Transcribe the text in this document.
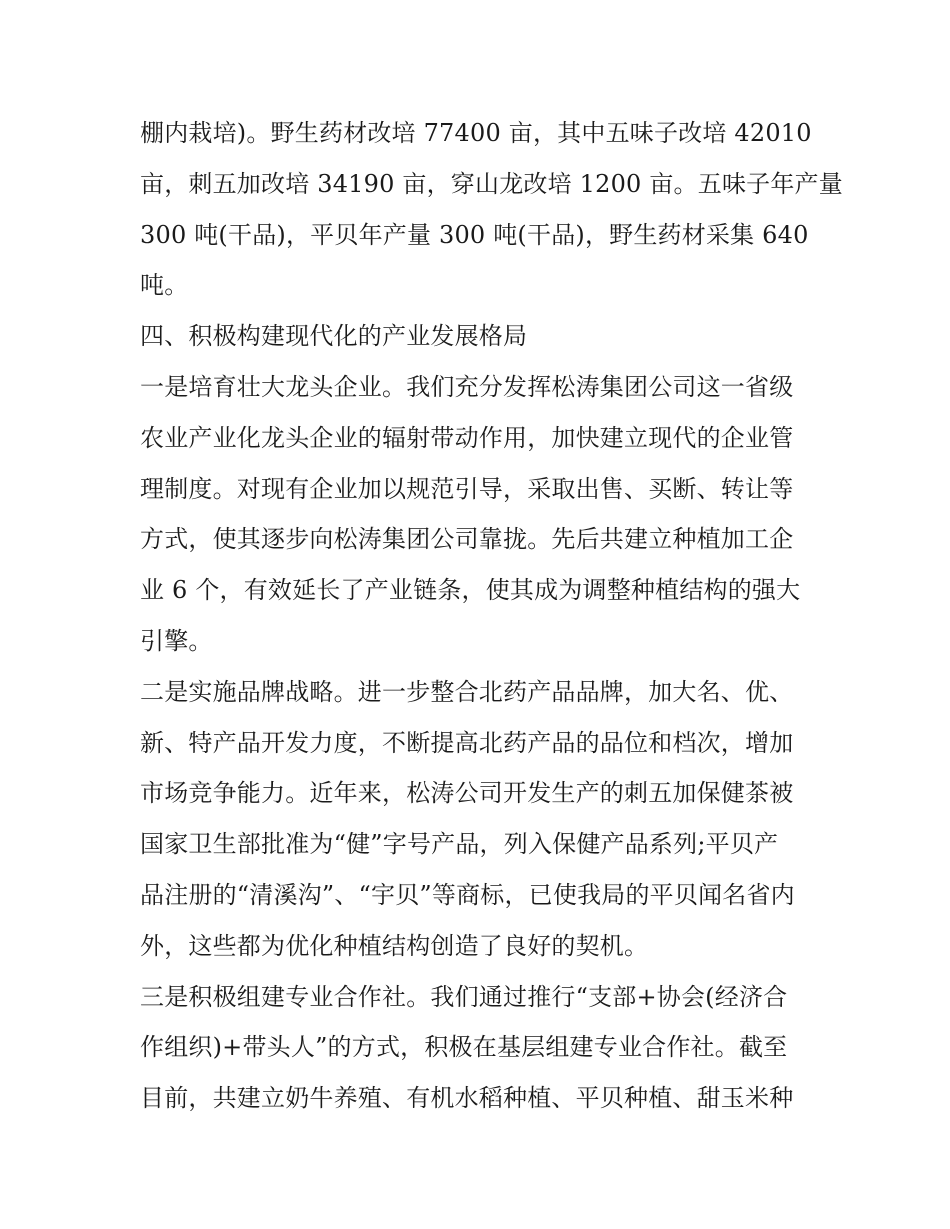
棚内栽培)。野生药材改培 77400 亩，其中五味子改培 42010
亩，刺五加改培 34190 亩，穿山龙改培 1200 亩。五味子年产量
300 吨(干品)，平贝年产量 300 吨(干品)，野生药材采集 640
吨。
四、积极构建现代化的产业发展格局
一是培育壮大龙头企业。我们充分发挥松涛集团公司这一省级
农业产业化龙头企业的辐射带动作用，加快建立现代的企业管
理制度。对现有企业加以规范引导，采取出售、买断、转让等
方式，使其逐步向松涛集团公司靠拢。先后共建立种植加工企
业 6 个，有效延长了产业链条，使其成为调整种植结构的强大
引擎。
二是实施品牌战略。进一步整合北药产品品牌，加大名、优、
新、特产品开发力度，不断提高北药产品的品位和档次，增加
市场竞争能力。近年来，松涛公司开发生产的刺五加保健茶被
国家卫生部批准为“健”字号产品，列入保健产品系列;平贝产
品注册的“清溪沟”、“宇贝”等商标，已使我局的平贝闻名省内
外，这些都为优化种植结构创造了良好的契机。
三是积极组建专业合作社。我们通过推行“支部+协会(经济合
作组织)+带头人”的方式，积极在基层组建专业合作社。截至
目前，共建立奶牛养殖、有机水稻种植、平贝种植、甜玉米种
